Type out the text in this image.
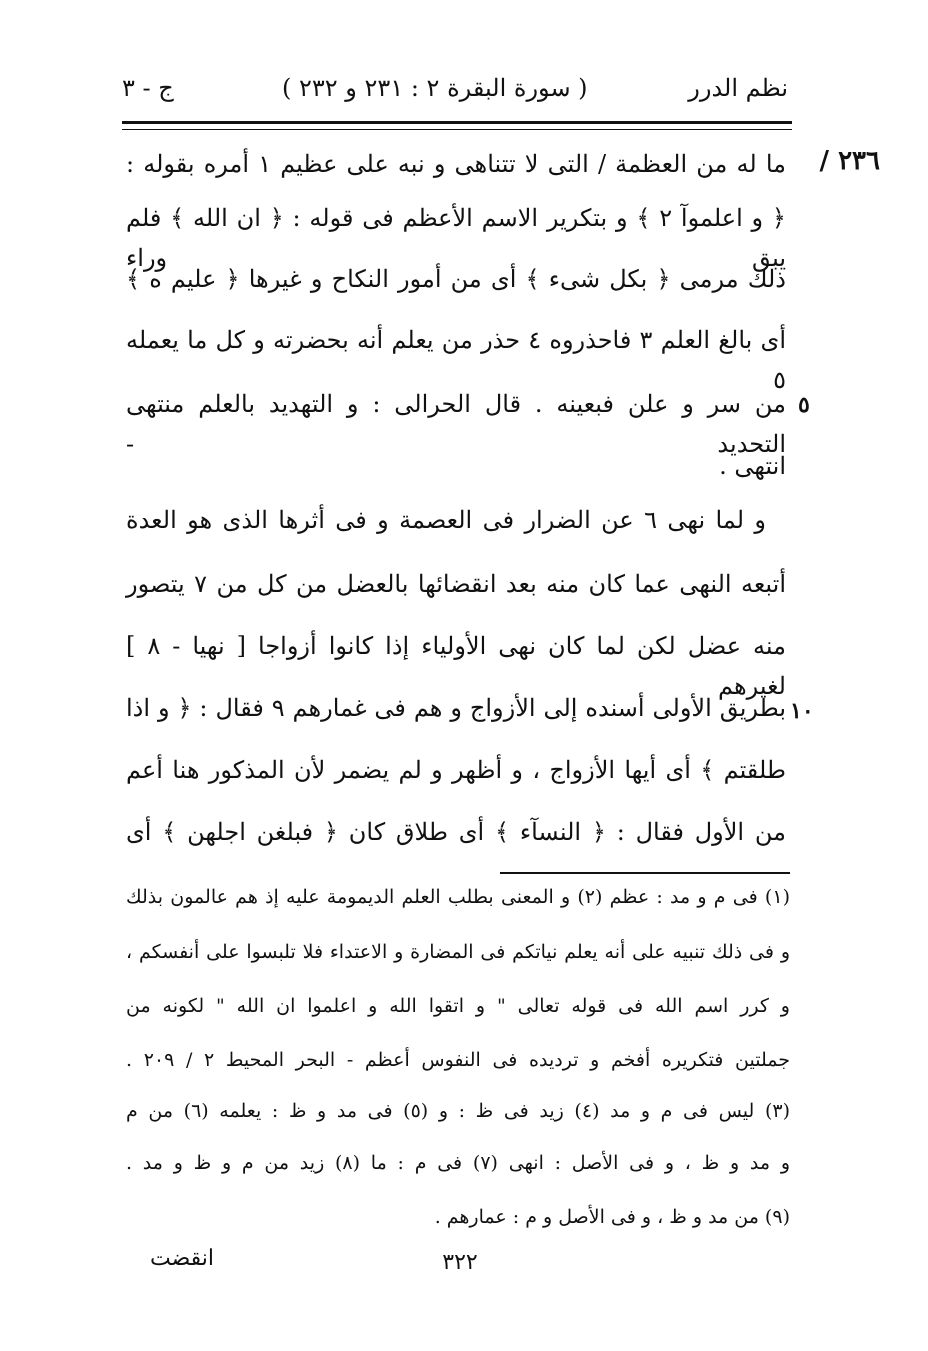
نظم الدرر
( سورة البقرة ٢ : ٢٣١ و ٢٣٢ )
ج - ٣
٢٣٦ /
ما له من العظمة / التى لا تتناهى و نبه على عظيم ١ أمره بقوله :
﴿ و اعلموآ ٢ ﴾ و بتكرير الاسم الأعظم فى قوله : ﴿ ان الله ﴾ فلم يبق وراء
ذلك مرمى ﴿ بكل شىء ﴾ أى من أمور النكاح و غيرها ﴿ عليم ه ﴾
أى بالغ العلم ٣ فاحذروه ٤ حذر من يعلم أنه بحضرته و كل ما يعمله ٥
من سر و علن فبعينه . قال الحرالى : و التهديد بالعلم منتهى التحديد -
انتهى .
٥
و لما نهى ٦ عن الضرار فى العصمة و فى أثرها الذى هو العدة
أتبعه النهى عما كان منه بعد انقضائها بالعضل من كل من ٧ يتصور
منه عضل لكن لما كان نهى الأولياء إذا كانوا أزواجا [ نهيا - ٨ ] لغيرهم
بطريق الأولى أسنده إلى الأزواج و هم فى غمارهم ٩ فقال : ﴿ و اذا
طلقتم ﴾ أى أيها الأزواج ، و أظهر و لم يضمر لأن المذكور هنا أعم
من الأول فقال : ﴿ النسآء ﴾ أى طلاق كان ﴿ فبلغن اجلهن ﴾ أى
١٠
(١) فى م و مد : عظم (٢) و المعنى بطلب العلم الديمومة عليه إذ هم عالمون بذلك
و فى ذلك تنبيه على أنه يعلم نياتكم فى المضارة و الاعتداء فلا تلبسوا على أنفسكم ،
و كرر اسم الله فى قوله تعالى " و اتقوا الله و اعلموا ان الله " لكونه من
جملتين فتكريره أفخم و ترديده فى النفوس أعظم - البحر المحيط ٢ / ٢٠٩ .
(٣) ليس فى م و مد (٤) زيد فى ظ : و (٥) فى مد و ظ : يعلمه (٦) من م
و مد و ظ ، و فى الأصل : انهى (٧) فى م : ما (٨) زيد من م و ظ و مد .
(٩) من مد و ظ ، و فى الأصل و م : عمارهم .
٣٢٢
انقضت
